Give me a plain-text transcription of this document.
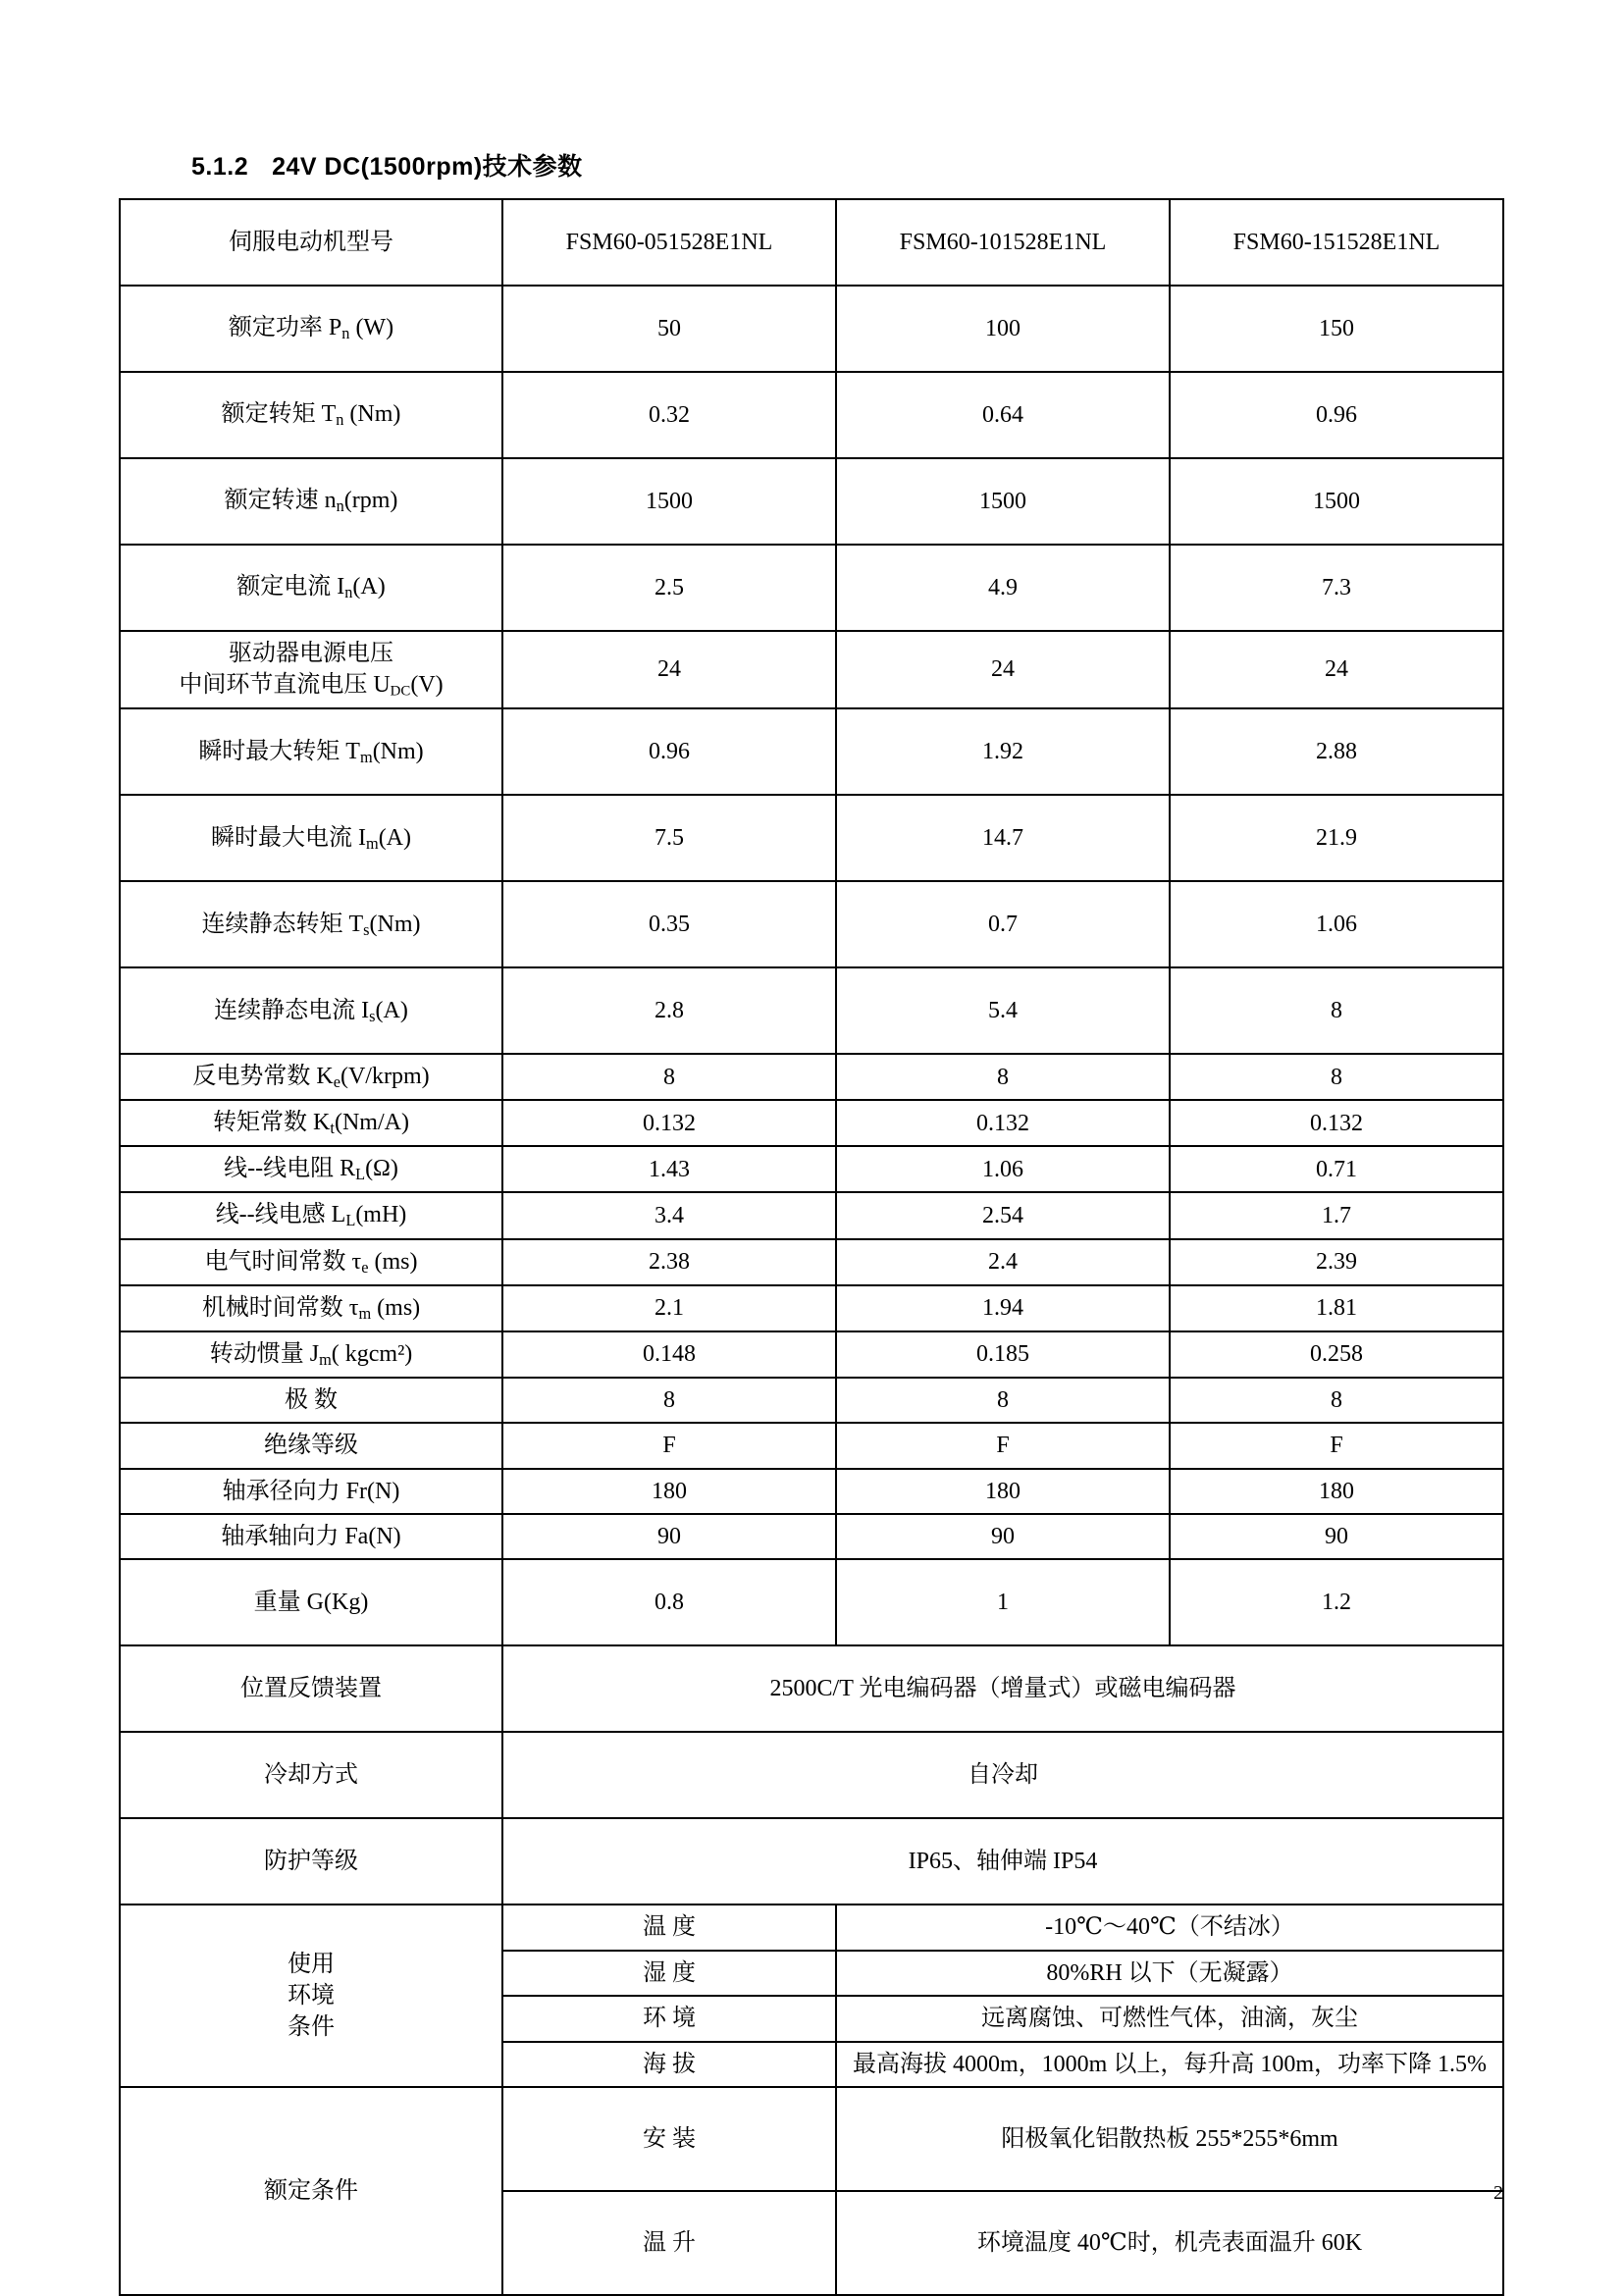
5.1.2 24V DC(1500rpm)技术参数
伺服电动机型号	FSM60-051528E1NL	FSM60-101528E1NL	FSM60-151528E1NL
额定功率 $P_n$ (W)	50	100	150
额定转矩 $T_n$ (Nm)	0.32	0.64	0.96
额定转速 $n_n(rpm)$	1500	1500	1500
额定电流 $I_n(A)$	2.5	4.9	7.3

驱动器电源电压
中间环节直流电压 $U_{DC}(V)$	24	24	24
瞬时最大转矩 $T_m(Nm)$	0.96	1.92	2.88
瞬时最大电流 $I_m(A)$	7.5	14.7	21.9
连续静态转矩 $T_s(Nm)$	0.35	0.7	1.06
连续静态电流 $I_s(A)$	2.8	5.4	8
反电势常数 $K_e(V/krpm)$	8	8	8
转矩常数 $K_t(Nm/A)$	0.132	0.132	0.132
线--线电阻 $R_L(\Omega)$	1.43	1.06	0.71
线--线电感 $L_L(mH)$	3.4	2.54	1.7
电气时间常数 $\tau_e$ (ms)	2.38	2.4	2.39
机械时间常数 $\tau_m$ (ms)	2.1	1.94	1.81
转动惯量 $J_m$( kgcm²)	0.148	0.185	0.258
极 数	8	8	8
绝缘等级	F	F	F
轴承径向力 Fr(N)	180	180	180
轴承轴向力 Fa(N)	90	90	90
重量 G(Kg)	0.8	1	1.2
位置反馈装置	2500C/T 光电编码器（增量式）或磁电编码器		
冷却方式	自冷却		
防护等级	IP65、轴伸端 IP54		

使用
环境
条件	温 度	-10℃～40℃（不结冰）	
	湿 度	80%RH 以下（无凝露）	
	环 境	远离腐蚀、可燃性气体，油滴，灰尘	
	海 拔	最高海拔 4000m，1000m 以上，每升高 100m，功率下降 1.5%	
额定条件	安 装	阳极氧化铝散热板 255*255*6mm	
	温 升	环境温度 40℃时，机壳表面温升 60K	
2
